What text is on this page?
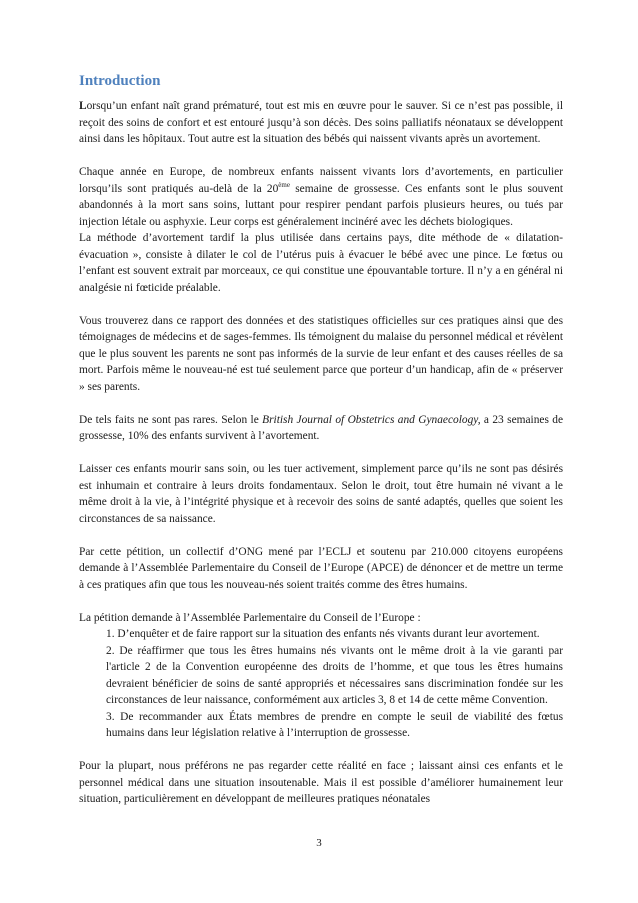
Introduction

Lorsqu’un enfant naît grand prématuré, tout est mis en œuvre pour le sauver. Si ce n’est pas possible, il reçoit des soins de confort et est entouré jusqu’à son décès. Des soins palliatifs néonataux se développent ainsi dans les hôpitaux. Tout autre est la situation des bébés qui naissent vivants après un avortement.

Chaque année en Europe, de nombreux enfants naissent vivants lors d’avortements, en particulier lorsqu’ils sont pratiqués au-delà de la 20ème semaine de grossesse. Ces enfants sont le plus souvent abandonnés à la mort sans soins, luttant pour respirer pendant parfois plusieurs heures, ou tués par injection létale ou asphyxie. Leur corps est généralement incinéré avec les déchets biologiques.

La méthode d’avortement tardif la plus utilisée dans certains pays, dite méthode de « dilatation-évacuation », consiste à dilater le col de l’utérus puis à évacuer le bébé avec une pince. Le fœtus ou l’enfant est souvent extrait par morceaux, ce qui constitue une épouvantable torture. Il n’y a en général ni analgésie ni fœticide préalable.

Vous trouverez dans ce rapport des données et des statistiques officielles sur ces pratiques ainsi que des témoignages de médecins et de sages-femmes. Ils témoignent du malaise du personnel médical et révèlent que le plus souvent les parents ne sont pas informés de la survie de leur enfant et des causes réelles de sa mort. Parfois même le nouveau-né est tué seulement parce que porteur d’un handicap, afin de « préserver » ses parents.

De tels faits ne sont pas rares. Selon le British Journal of Obstetrics and Gynaecology, a 23 semaines de grossesse, 10% des enfants survivent à l’avortement.

Laisser ces enfants mourir sans soin, ou les tuer activement, simplement parce qu’ils ne sont pas désirés est inhumain et contraire à leurs droits fondamentaux. Selon le droit, tout être humain né vivant a le même droit à la vie, à l’intégrité physique et à recevoir des soins de santé adaptés, quelles que soient les circonstances de sa naissance.

Par cette pétition, un collectif d’ONG mené par l’ECLJ et soutenu par 210.000 citoyens européens demande à l’Assemblée Parlementaire du Conseil de l’Europe (APCE) de dénoncer et de mettre un terme à ces pratiques afin que tous les nouveau-nés soient traités comme des êtres humains.

La pétition demande à l’Assemblée Parlementaire du Conseil de l’Europe :

1. D’enquêter et de faire rapport sur la situation des enfants nés vivants durant leur avortement.
2. De réaffirmer que tous les êtres humains nés vivants ont le même droit à la vie garanti par l'article 2 de la Convention européenne des droits de l’homme, et que tous les êtres humains devraient bénéficier de soins de santé appropriés et nécessaires sans discrimination fondée sur les circonstances de leur naissance, conformément aux articles 3, 8 et 14 de cette même Convention.
3. De recommander aux États membres de prendre en compte le seuil de viabilité des fœtus humains dans leur législation relative à l’interruption de grossesse.

Pour la plupart, nous préférons ne pas regarder cette réalité en face ; laissant ainsi ces enfants et le personnel médical dans une situation insoutenable. Mais il est possible d’améliorer humainement leur situation, particulièrement en développant de meilleures pratiques néonatales

3
